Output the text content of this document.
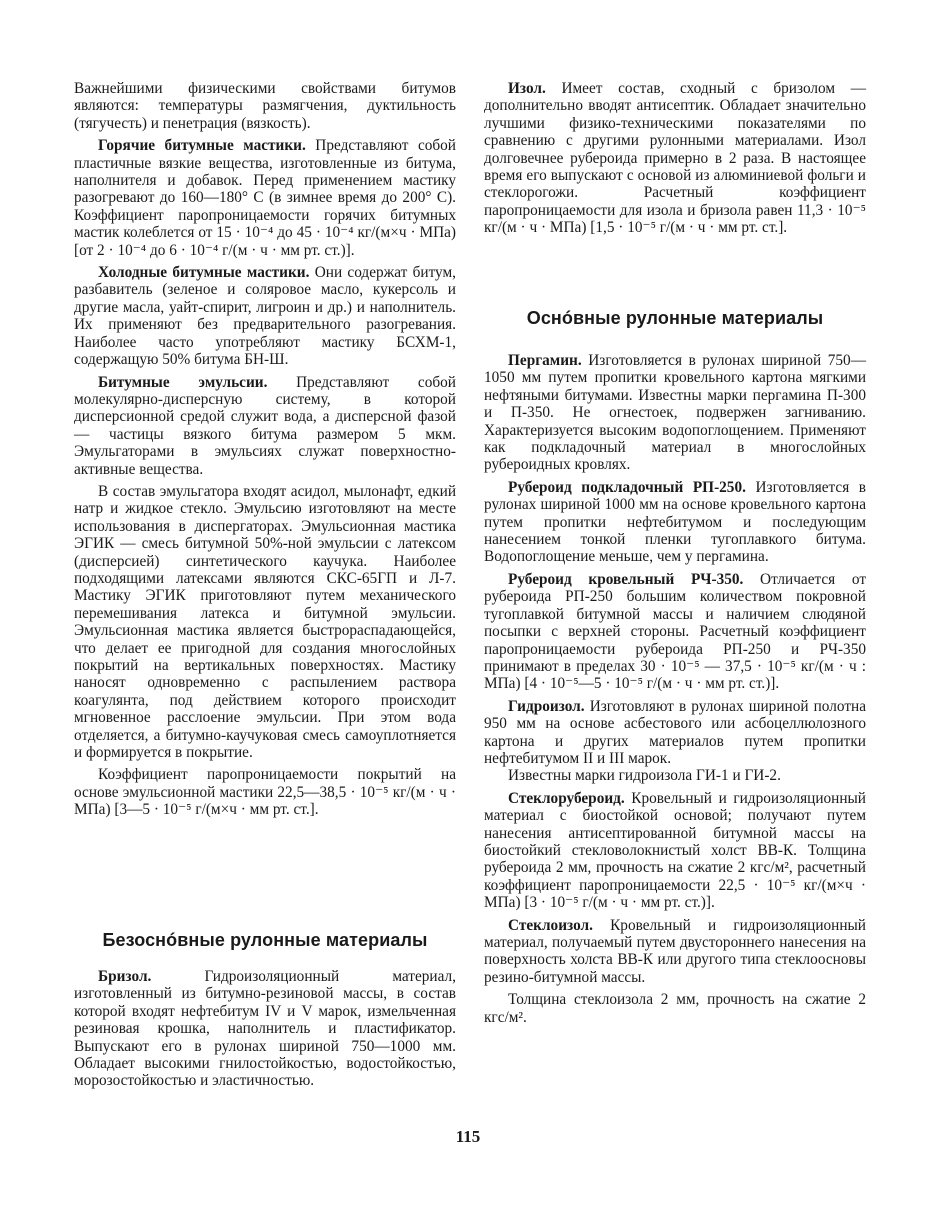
Важнейшими физическими свойствами битумов являются: температуры размягчения, дуктильность (тягучесть) и пенетрация (вязкость).

Горячие битумные мастики. Представляют собой пластичные вязкие вещества, изготовленные из битума, наполнителя и добавок. Перед применением мастику разогревают до 160—180° С (в зимнее время до 200° С). Коэффициент паропроницаемости горячих битумных мастик колеблется от 15 · 10⁻⁴ до 45 · 10⁻⁴ кг/(м×ч · МПа) [от 2 · 10⁻⁴ до 6 · 10⁻⁴ г/(м · ч · мм рт. ст.)].

Холодные битумные мастики. Они содержат битум, разбавитель (зеленое и соляровое масло, кукерсоль и другие масла, уайт-спирит, лигроин и др.) и наполнитель. Их применяют без предварительного разогревания. Наиболее часто употребляют мастику БСХМ-1, содержащую 50% битума БН-Ш.

Битумные эмульсии. Представляют собой молекулярно-дисперсную систему, в которой дисперсионной средой служит вода, а дисперсной фазой — частицы вязкого битума размером 5 мкм. Эмульгаторами в эмульсиях служат поверхностно-активные вещества.

В состав эмульгатора входят асидол, мылонафт, едкий натр и жидкое стекло. Эмульсию изготовляют на месте использования в диспергаторах. Эмульсионная мастика ЭГИК — смесь битумной 50%-ной эмульсии с латексом (дисперсией) синтетического каучука. Наиболее подходящими латексами являются СКС-65ГП и Л-7. Мастику ЭГИК приготовляют путем механического перемешивания латекса и битумной эмульсии. Эмульсионная мастика является быстрораспадающейся, что делает ее пригодной для создания многослойных покрытий на вертикальных поверхностях. Мастику наносят одновременно с распылением раствора коагулянта, под действием которого происходит мгновенное расслоение эмульсии. При этом вода отделяется, а битумно-каучуковая смесь самоуплотняется и формируется в покрытие.

Коэффициент паропроницаемости покрытий на основе эмульсионной мастики 22,5—38,5 · 10⁻⁵ кг/(м · ч · МПа) [3—5 · 10⁻⁵ г/(м×ч · мм рт. ст.].

Безоснóвные рулонные материалы

Бризол. Гидроизоляционный материал, изготовленный из битумно-резиновой массы, в состав которой входят нефтебитум IV и V марок, измельченная резиновая крошка, наполнитель и пластификатор. Выпускают его в рулонах шириной 750—1000 мм. Обладает высокими гнилостойкостью, водостойкостью, морозостойкостью и эластичностью.

Изол. Имеет состав, сходный с бризолом — дополнительно вводят антисептик. Обладает значительно лучшими физико-техническими показателями по сравнению с другими рулонными материалами. Изол долговечнее рубероида примерно в 2 раза. В настоящее время его выпускают с основой из алюминиевой фольги и стеклорогожи. Расчетный коэффициент паропроницаемости для изола и бризола равен 11,3 · 10⁻⁵ кг/(м · ч · МПа) [1,5 · 10⁻⁵ г/(м · ч · мм рт. ст.].

Оснóвные рулонные материалы

Пергамин. Изготовляется в рулонах шириной 750—1050 мм путем пропитки кровельного картона мягкими нефтяными битумами. Известны марки пергамина П-300 и П-350. Не огнестоек, подвержен загниванию. Характеризуется высоким водопоглощением. Применяют как подкладочный материал в многослойных рубероидных кровлях.

Рубероид подкладочный РП-250. Изготовляется в рулонах шириной 1000 мм на основе кровельного картона путем пропитки нефтебитумом и последующим нанесением тонкой пленки тугоплавкого битума. Водопоглощение меньше, чем у пергамина.

Рубероид кровельный РЧ-350. Отличается от рубероида РП-250 большим количеством покровной тугоплавкой битумной массы и наличием слюдяной посыпки с верхней стороны. Расчетный коэффициент паропроницаемости рубероида РП-250 и РЧ-350 принимают в пределах 30 · 10⁻⁵ — 37,5 · 10⁻⁵ кг/(м · ч : МПа) [4 · 10⁻⁵—5 · 10⁻⁵ г/(м · ч · мм рт. ст.)].

Гидроизол. Изготовляют в рулонах шириной полотна 950 мм на основе асбестового или асбоцеллюлозного картона и других материалов путем пропитки нефтебитумом II и III марок.

Известны марки гидроизола ГИ-1 и ГИ-2.

Стеклорубероид. Кровельный и гидроизоляционный материал с биостойкой основой; получают путем нанесения антисептированной битумной массы на биостойкий стекловолокнистый холст ВВ-К. Толщина рубероида 2 мм, прочность на сжатие 2 кгс/м², расчетный коэффициент паропроницаемости 22,5 · 10⁻⁵ кг/(м×ч · МПа) [3 · 10⁻⁵ г/(м · ч · мм рт. ст.)].

Стеклоизол. Кровельный и гидроизоляционный материал, получаемый путем двустороннего нанесения на поверхность холста ВВ-К или другого типа стеклоосновы резино-битумной массы.

Толщина стеклоизола 2 мм, прочность на сжатие 2 кгс/м².

115
